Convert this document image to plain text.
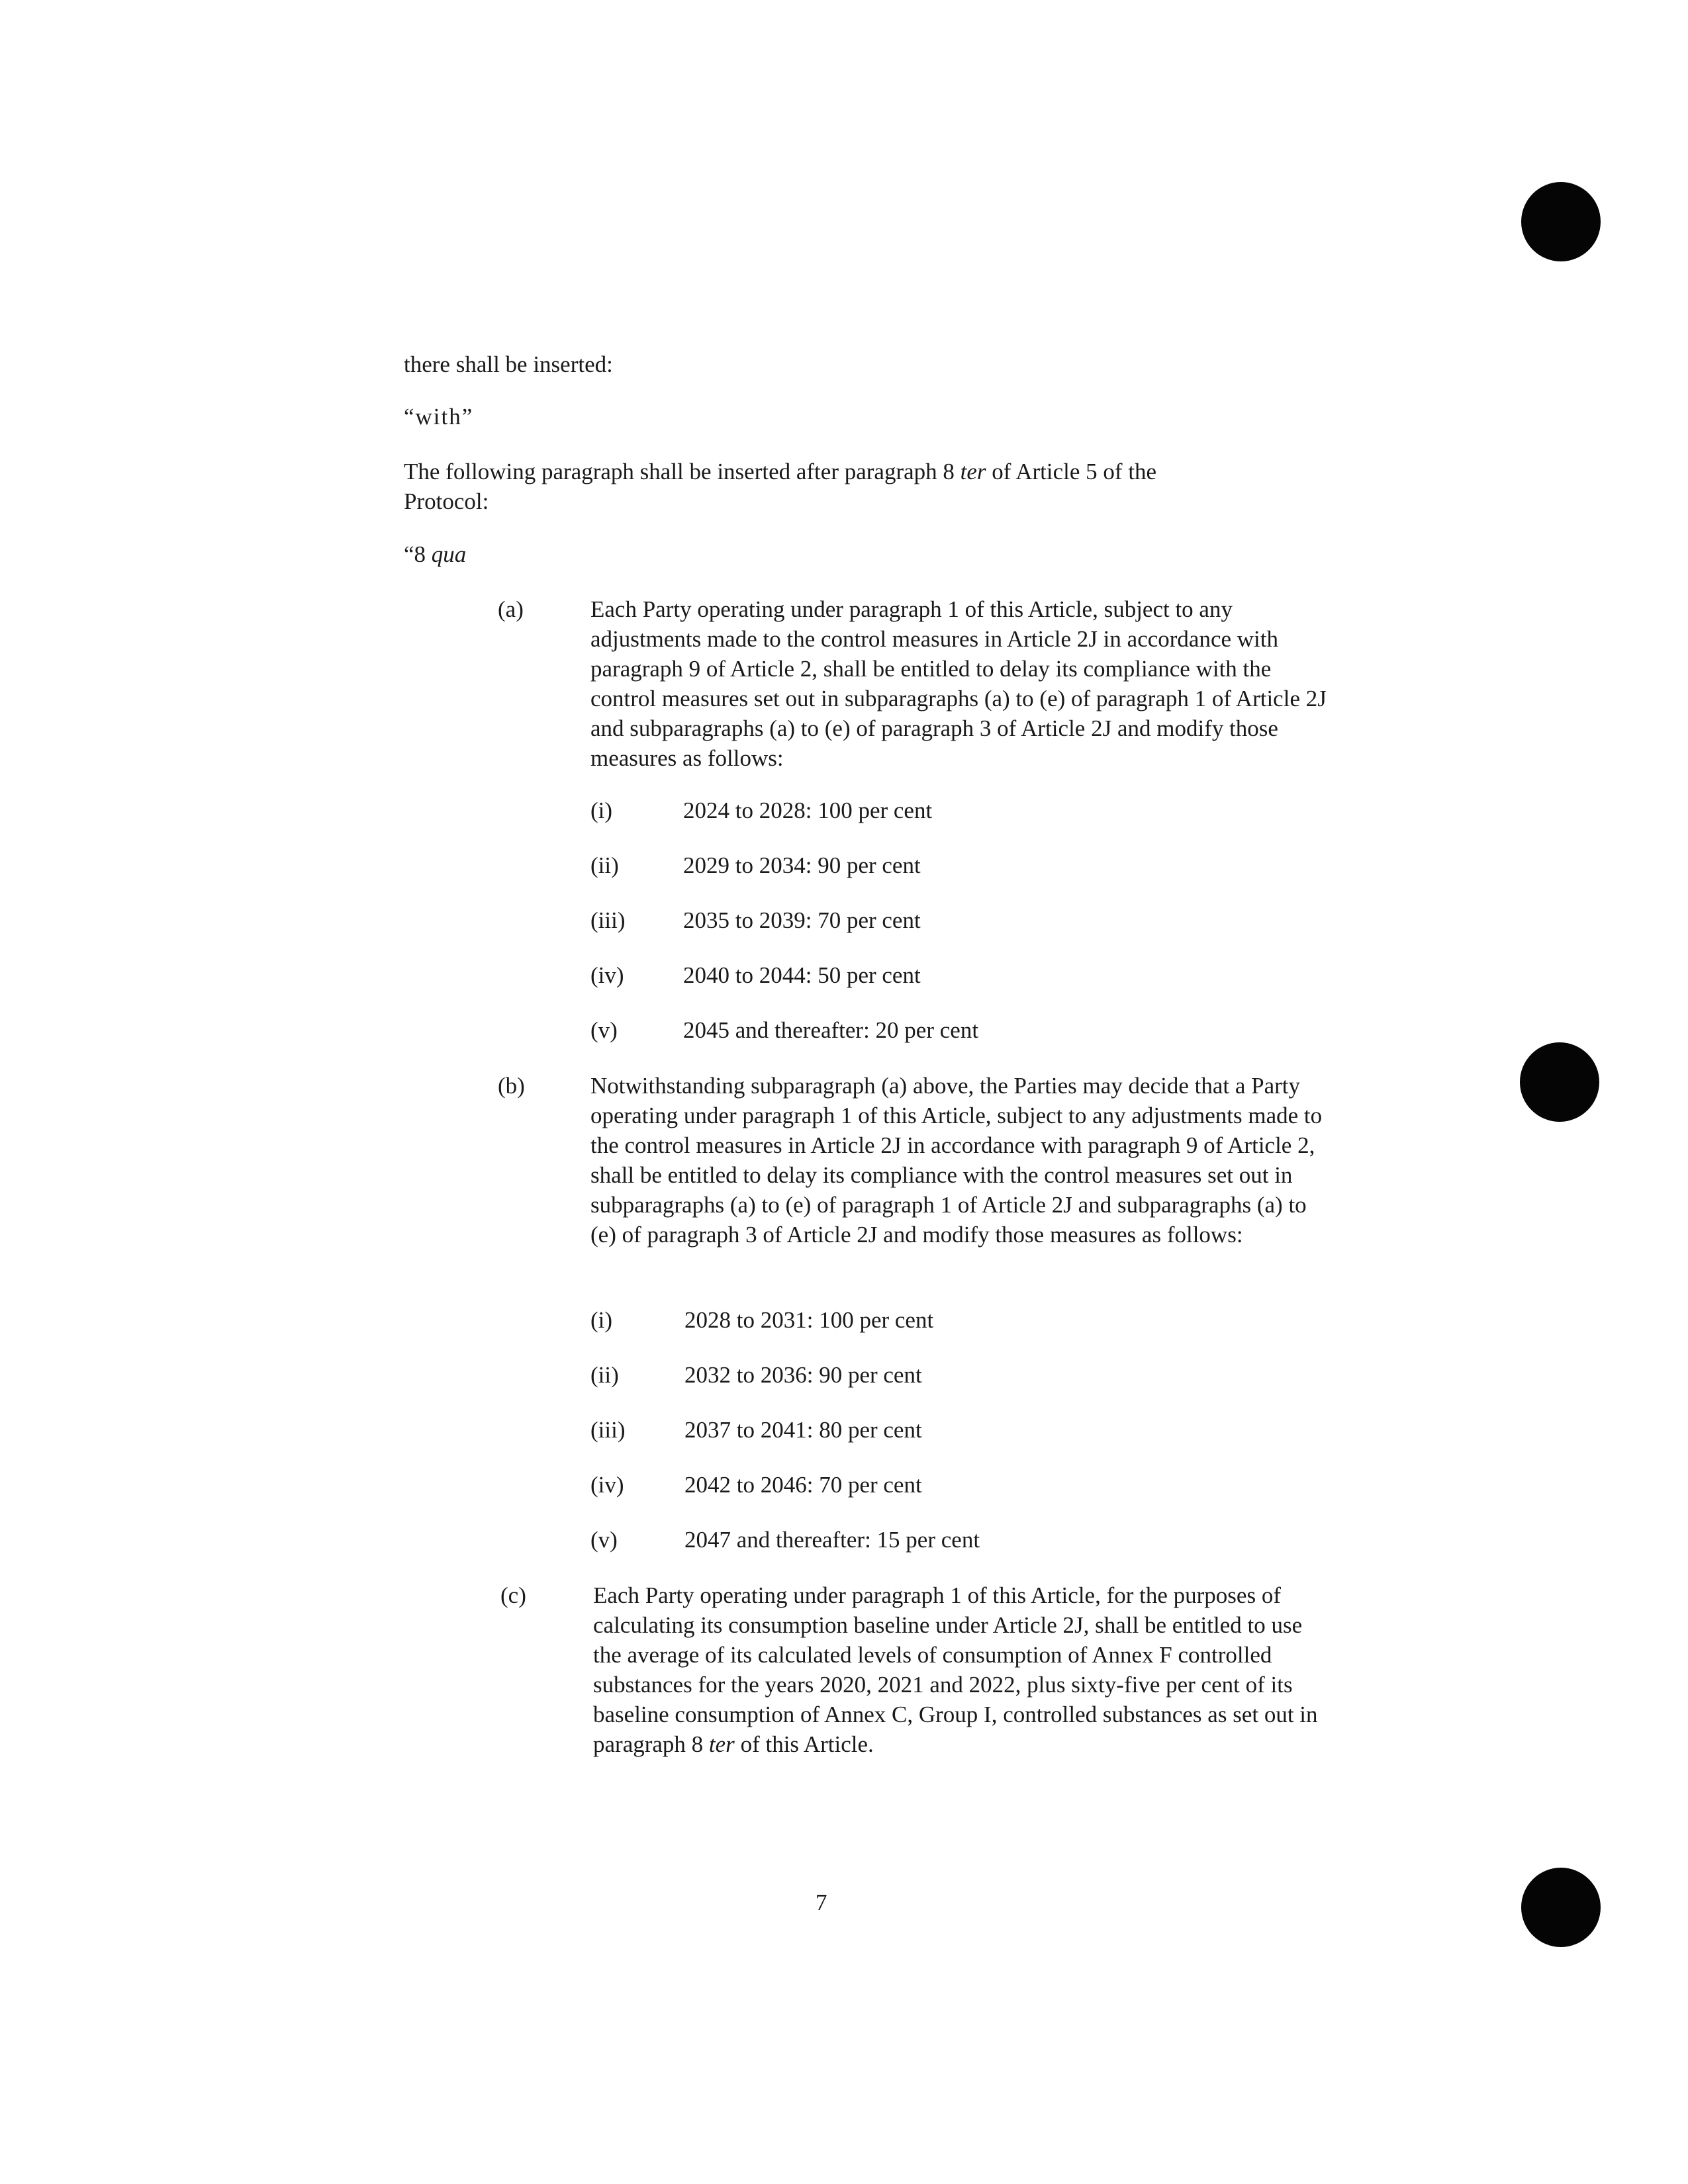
there shall be inserted:
“with”
The following paragraph shall be inserted after paragraph 8 ter of Article 5 of the
Protocol:
“8 qua
(a)	Each Party operating under paragraph 1 of this Article, subject to any adjustments made to the control measures in Article 2J in accordance with paragraph 9 of Article 2, shall be entitled to delay its compliance with the control measures set out in subparagraphs (a) to (e) of paragraph 1 of Article 2J and subparagraphs (a) to (e) of paragraph 3 of Article 2J and modify those measures as follows:
(i)	2024 to 2028: 100 per cent
(ii)	2029 to 2034: 90 per cent
(iii)	2035 to 2039: 70 per cent
(iv)	2040 to 2044: 50 per cent
(v)	2045 and thereafter: 20 per cent
(b)	Notwithstanding subparagraph (a) above, the Parties may decide that a Party operating under paragraph 1 of this Article, subject to any adjustments made to the control measures in Article 2J in accordance with paragraph 9 of Article 2, shall be entitled to delay its compliance with the control measures set out in subparagraphs (a) to (e) of paragraph 1 of Article 2J and subparagraphs (a) to (e) of paragraph 3 of Article 2J and modify those measures as follows:
(i)	2028 to 2031: 100 per cent
(ii)	2032 to 2036: 90 per cent
(iii)	2037 to 2041: 80 per cent
(iv)	2042 to 2046: 70 per cent
(v)	2047 and thereafter: 15 per cent
(c)	Each Party operating under paragraph 1 of this Article, for the purposes of calculating its consumption baseline under Article 2J, shall be entitled to use the average of its calculated levels of consumption of Annex F controlled substances for the years 2020, 2021 and 2022, plus sixty-five per cent of its baseline consumption of Annex C, Group I, controlled substances as set out in paragraph 8 ter of this Article.
7
